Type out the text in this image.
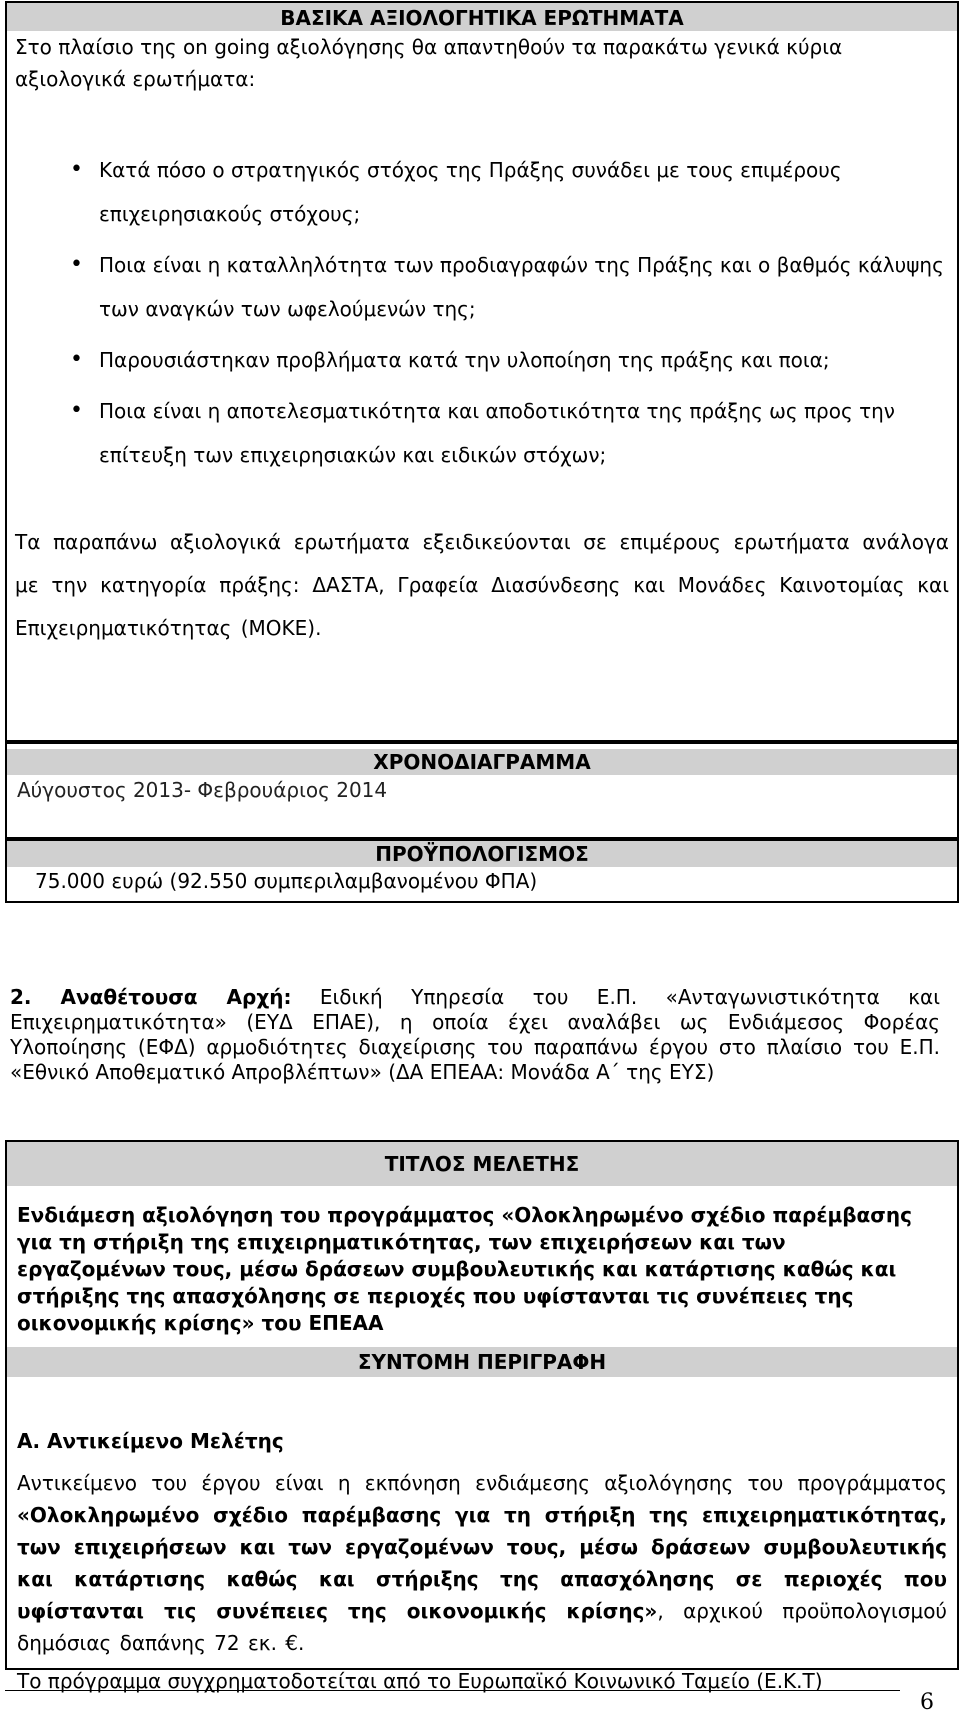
ΒΑΣΙΚΑ ΑΞΙΟΛΟΓΗΤΙΚΑ ΕΡΩΤΗΜΑΤΑ
Στο πλαίσιο της on going αξιολόγησης θα απαντηθούν τα παρακάτω γενικά κύρια αξιολογικά ερωτήματα:
• Κατά πόσο ο στρατηγικός στόχος της Πράξης συνάδει με τους επιμέρους επιχειρησιακούς στόχους;
• Ποια είναι η καταλληλότητα των προδιαγραφών της Πράξης και ο βαθμός κάλυψης των αναγκών των ωφελούμενών της;
• Παρουσιάστηκαν προβλήματα κατά την υλοποίηση της πράξης και ποια;
• Ποια είναι η αποτελεσματικότητα και αποδοτικότητα της πράξης ως προς την επίτευξη των επιχειρησιακών και ειδικών στόχων;
Τα παραπάνω αξιολογικά ερωτήματα εξειδικεύονται σε επιμέρους ερωτήματα ανάλογα με την κατηγορία πράξης: ΔΑΣΤΑ, Γραφεία Διασύνδεσης και Μονάδες Καινοτομίας και Επιχειρηματικότητας (ΜΟΚΕ).
ΧΡΟΝΟΔΙΑΓΡΑΜΜΑ
Αύγουστος 2013- Φεβρουάριος 2014
ΠΡΟΫΠΟΛΟΓΙΣΜΟΣ
75.000 ευρώ (92.550 συμπεριλαμβανομένου ΦΠΑ)
2. Αναθέτουσα Αρχή: Ειδική Υπηρεσία του Ε.Π. «Ανταγωνιστικότητα και Επιχειρηματικότητα» (ΕΥΔ ΕΠΑΕ), η οποία έχει αναλάβει ως Ενδιάμεσος Φορέας Υλοποίησης (ΕΦΔ) αρμοδιότητες διαχείρισης του παραπάνω έργου στο πλαίσιο του Ε.Π. «Εθνικό Αποθεματικό Απροβλέπτων» (ΔΑ ΕΠΕΑΑ: Μονάδα Α΄ της ΕΥΣ)
ΤΙΤΛΟΣ ΜΕΛΕΤΗΣ
Ενδιάμεση αξιολόγηση του προγράμματος «Ολοκληρωμένο σχέδιο παρέμβασης για τη στήριξη της επιχειρηματικότητας, των επιχειρήσεων και των εργαζομένων τους, μέσω δράσεων συμβουλευτικής και κατάρτισης καθώς και στήριξης της απασχόλησης σε περιοχές που υφίστανται τις συνέπειες της οικονομικής κρίσης» του ΕΠΕΑΑ
ΣΥΝΤΟΜΗ ΠΕΡΙΓΡΑΦΗ
Α. Αντικείμενο Μελέτης
Αντικείμενο του έργου είναι η εκπόνηση ενδιάμεσης αξιολόγησης του προγράμματος «Ολοκληρωμένο σχέδιο παρέμβασης για τη στήριξη της επιχειρηματικότητας, των επιχειρήσεων και των εργαζομένων τους, μέσω δράσεων συμβουλευτικής και κατάρτισης καθώς και στήριξης της απασχόλησης σε περιοχές που υφίστανται τις συνέπειες της οικονομικής κρίσης», αρχικού προϋπολογισμού δημόσιας δαπάνης 72 εκ. €.
Το πρόγραμμα συγχρηματοδοτείται από το Ευρωπαϊκό Κοινωνικό Ταμείο (Ε.Κ.Τ)
6
